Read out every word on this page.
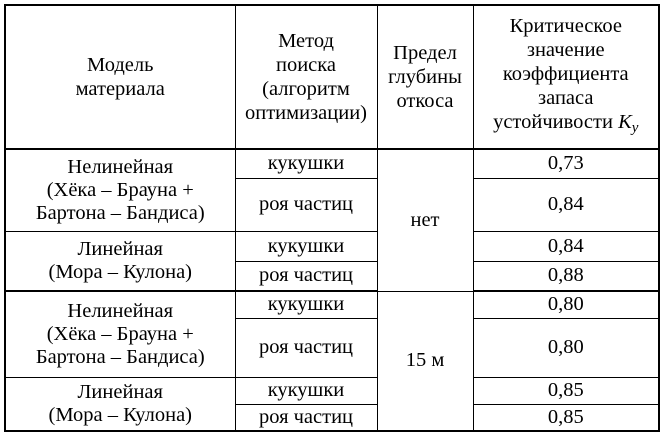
Модель
материала	Метод
поиска
(алгоритм
оптимизации)	Предел
глубины
откоса	Критическое
значение
коэффициента
запаса
устойчивости Kу
Нелинейная
(Хёка – Брауна +
Бартона – Бандиса)	кукушки	нет	0,73
	роя частиц		0,84
Линейная
(Мора – Кулона)	кукушки		0,84
	роя частиц		0,88
Нелинейная
(Хёка – Брауна +
Бартона – Бандиса)	кукушки	15 м	0,80
	роя частиц		0,80
Линейная
(Мора – Кулона)	кукушки		0,85
	роя частиц		0,85
